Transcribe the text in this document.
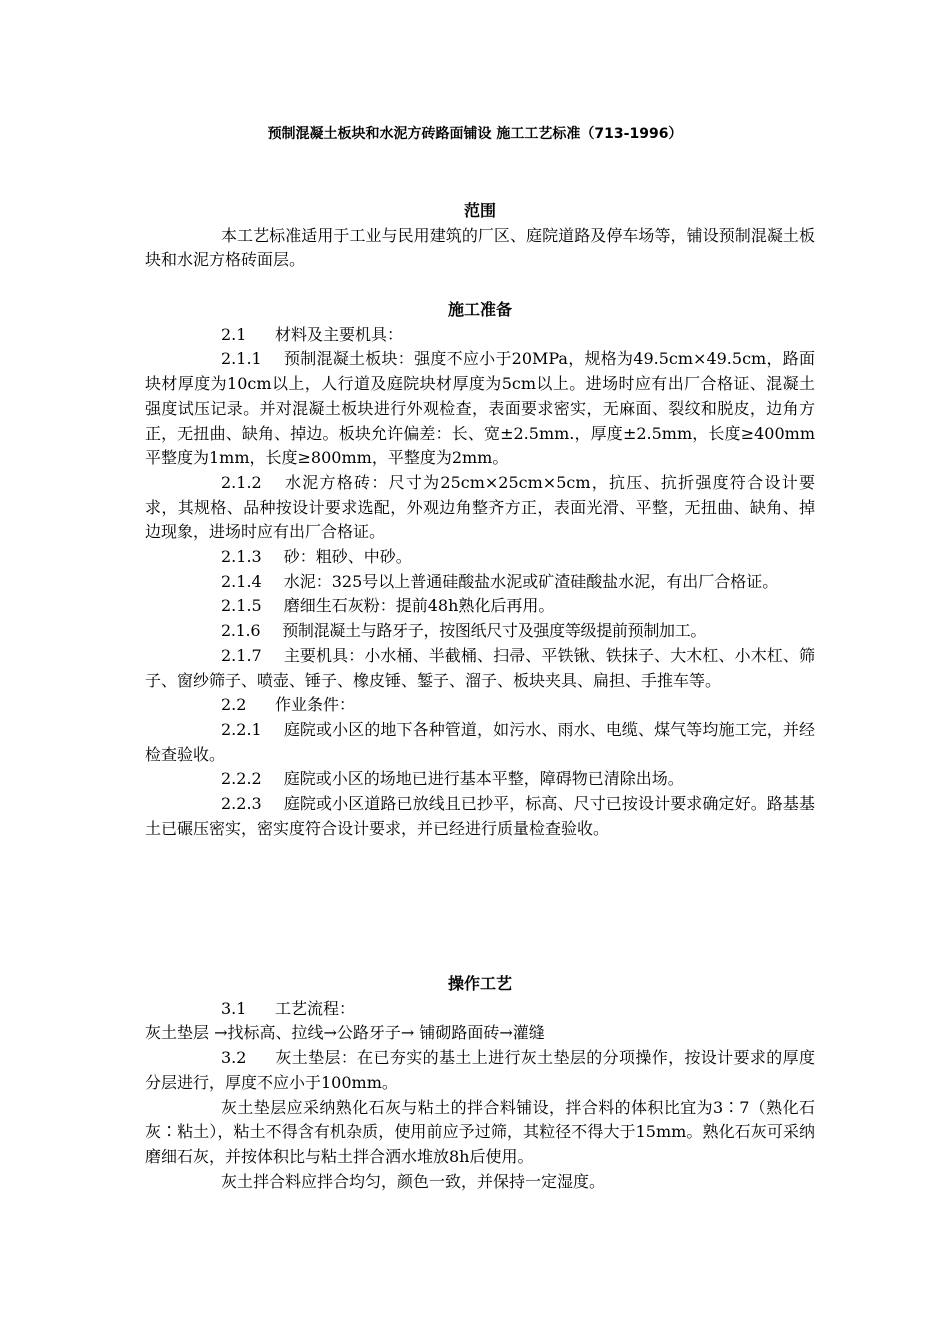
预制混凝土板块和水泥方砖路面铺设 施工工艺标准（713-1996）
范围

本工艺标准适用于工业与民用建筑的厂区、庭院道路及停车场等，铺设预制混凝土板块和水泥方格砖面层。

施工准备

2.1 材料及主要机具：

2.1.1 预制混凝土板块：强度不应小于20MPa，规格为49.5cm×49.5cm，路面块材厚度为10cm以上，人行道及庭院块材厚度为5cm以上。进场时应有出厂合格证、混凝土强度试压记录。并对混凝土板块进行外观检查，表面要求密实，无麻面、裂纹和脱皮，边角方正，无扭曲、缺角、掉边。板块允许偏差：长、宽±2.5mm.，厚度±2.5mm，长度≥400mm平整度为1mm，长度≥800mm，平整度为2mm。

2.1.2 水泥方格砖：尺寸为25cm×25cm×5cm，抗压、抗折强度符合设计要求，其规格、品种按设计要求选配，外观边角整齐方正，表面光滑、平整，无扭曲、缺角、掉边现象，进场时应有出厂合格证。

2.1.3 砂：粗砂、中砂。

2.1.4 水泥：325号以上普通硅酸盐水泥或矿渣硅酸盐水泥，有出厂合格证。

2.1.5 磨细生石灰粉：提前48h熟化后再用。

2.1.6 预制混凝土与路牙子，按图纸尺寸及强度等级提前预制加工。

2.1.7 主要机具：小水桶、半截桶、扫帚、平铁锹、铁抹子、大木杠、小木杠、筛子、窗纱筛子、喷壶、锤子、橡皮锤、錾子、溜子、板块夹具、扁担、手推车等。

2.2 作业条件：

2.2.1 庭院或小区的地下各种管道，如污水、雨水、电缆、煤气等均施工完，并经检查验收。

2.2.2 庭院或小区的场地已进行基本平整，障碍物已清除出场。

2.2.3 庭院或小区道路已放线且已抄平，标高、尺寸已按设计要求确定好。路基基土已碾压密实，密实度符合设计要求，并已经进行质量检查验收。

操作工艺

3.1 工艺流程：

灰土垫层 →找标高、拉线→公路牙子→ 铺砌路面砖→灌缝

3.2 灰土垫层：在已夯实的基土上进行灰土垫层的分项操作，按设计要求的厚度分层进行，厚度不应小于100mm。

灰土垫层应采纳熟化石灰与粘土的拌合料铺设，拌合料的体积比宜为3∶7（熟化石灰∶粘土），粘土不得含有机杂质，使用前应予过筛，其粒径不得大于15mm。熟化石灰可采纳磨细石灰，并按体积比与粘土拌合洒水堆放8h后使用。

灰土拌合料应拌合均匀，颜色一致，并保持一定湿度。
